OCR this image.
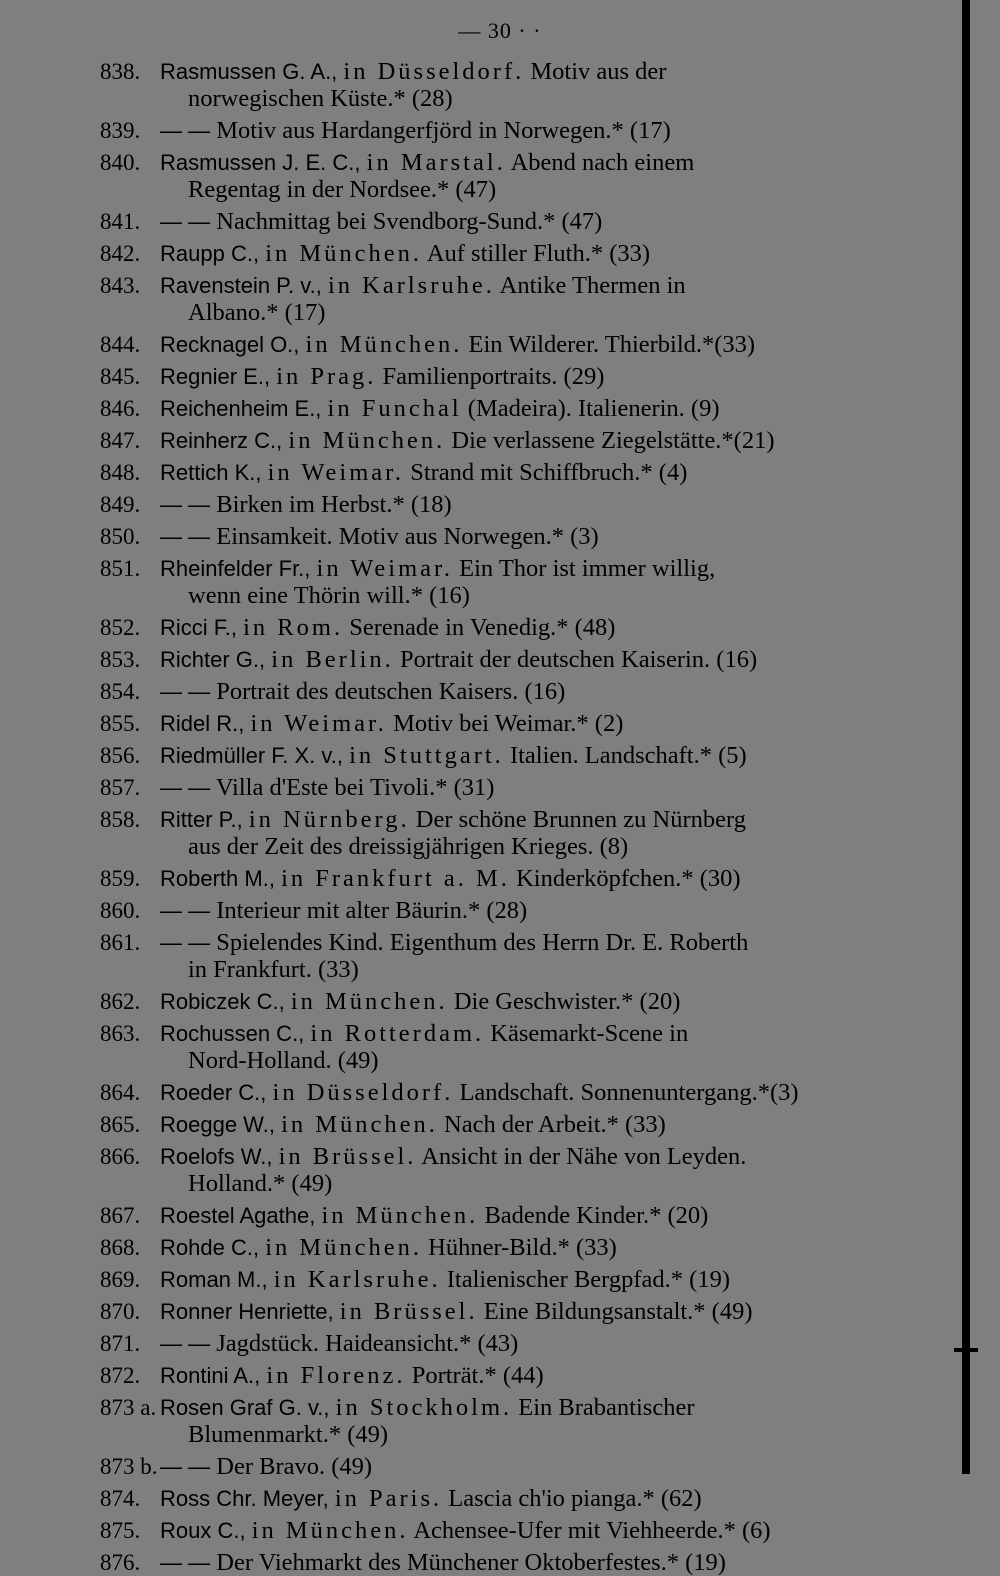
— 30 · ·
838. Rasmussen G. A., in Düsseldorf. Motiv aus der
norwegischen Küste.* (28)
839. — — Motiv aus Hardangerfjörd in Norwegen.* (17)
840. Rasmussen J. E. C., in Marstal. Abend nach einem
Regentag in der Nordsee.* (47)
841. — — Nachmittag bei Svendborg-Sund.* (47)
842. Raupp C., in München. Auf stiller Fluth.* (33)
843. Ravenstein P. v., in Karlsruhe. Antike Thermen in
Albano.* (17)
844. Recknagel O., in München. Ein Wilderer. Thierbild.*(33)
845. Regnier E., in Prag. Familienportraits. (29)
846. Reichenheim E., in Funchal (Madeira). Italienerin. (9)
847. Reinherz C., in München. Die verlassene Ziegelstätte.*(21)
848. Rettich K., in Weimar. Strand mit Schiffbruch.* (4)
849. — — Birken im Herbst.* (18)
850. — — Einsamkeit. Motiv aus Norwegen.* (3)
851. Rheinfelder Fr., in Weimar. Ein Thor ist immer willig,
wenn eine Thörin will.* (16)
852. Ricci F., in Rom. Serenade in Venedig.* (48)
853. Richter G., in Berlin. Portrait der deutschen Kaiserin. (16)
854. — — Portrait des deutschen Kaisers. (16)
855. Ridel R., in Weimar. Motiv bei Weimar.* (2)
856. Riedmüller F. X. v., in Stuttgart. Italien. Landschaft.* (5)
857. — — Villa d'Este bei Tivoli.* (31)
858. Ritter P., in Nürnberg. Der schöne Brunnen zu Nürnberg
aus der Zeit des dreissigjährigen Krieges. (8)
859. Roberth M., in Frankfurt a. M. Kinderköpfchen.* (30)
860. — — Interieur mit alter Bäurin.* (28)
861. — — Spielendes Kind. Eigenthum des Herrn Dr. E. Roberth
in Frankfurt. (33)
862. Robiczek C., in München. Die Geschwister.* (20)
863. Rochussen C., in Rotterdam. Käsemarkt-Scene in
Nord-Holland. (49)
864. Roeder C., in Düsseldorf. Landschaft. Sonnenuntergang.*(3)
865. Roegge W., in München. Nach der Arbeit.* (33)
866. Roelofs W., in Brüssel. Ansicht in der Nähe von Leyden.
Holland.* (49)
867. Roestel Agathe, in München. Badende Kinder.* (20)
868. Rohde C., in München. Hühner-Bild.* (33)
869. Roman M., in Karlsruhe. Italienischer Bergpfad.* (19)
870. Ronner Henriette, in Brüssel. Eine Bildungsanstalt.* (49)
871. — — Jagdstück. Haideansicht.* (43)
872. Rontini A., in Florenz. Porträt.* (44)
873 a. Rosen Graf G. v., in Stockholm. Ein Brabantischer
Blumenmarkt.* (49)
873 b. — — Der Bravo. (49)
874. Ross Chr. Meyer, in Paris. Lascia ch'io pianga.* (62)
875. Roux C., in München. Achensee-Ufer mit Viehheerde.* (6)
876. — — Der Viehmarkt des Münchener Oktoberfestes.* (19)
